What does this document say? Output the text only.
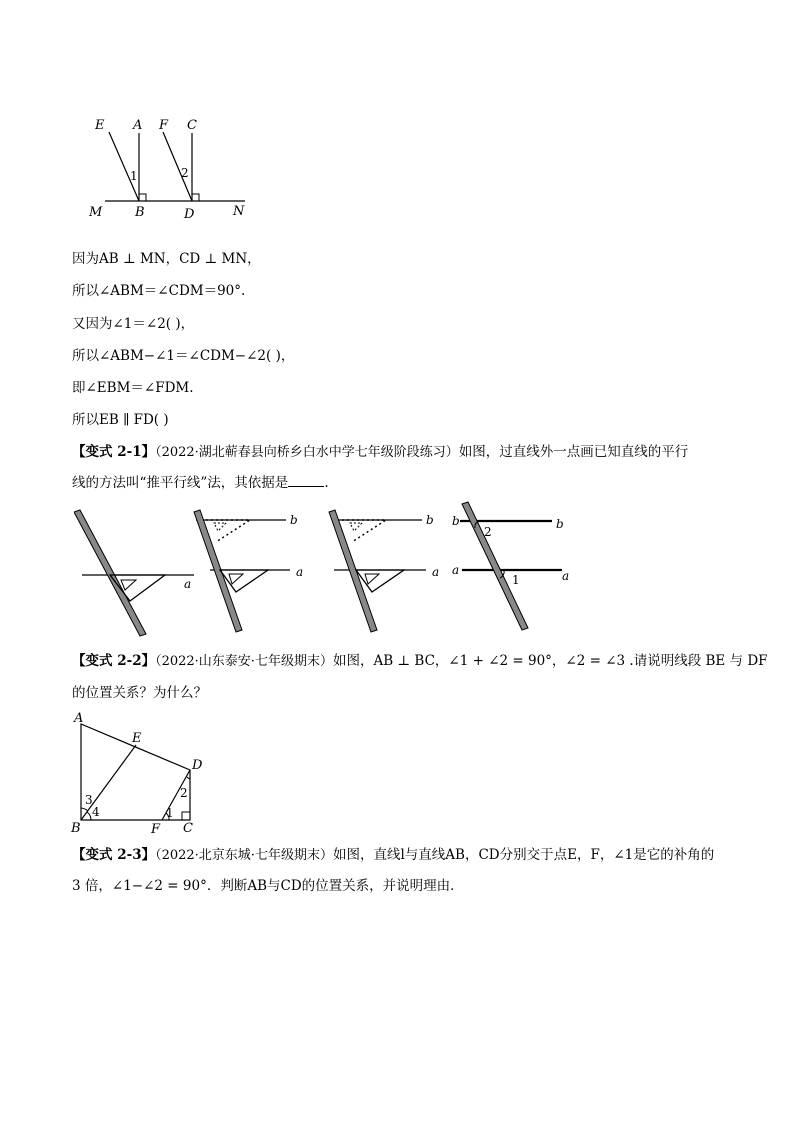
E A F C
1	2
M	B	D	N
因为AB ⊥ MN，CD ⊥ MN，
所以∠ABM＝∠CDM＝90°.
又因为∠1＝∠2( )，
所以∠ABM−∠1＝∠CDM−∠2( )，
即∠EBM＝∠FDM.
所以EB ∥ FD( )
【变式 2-1】（2022·湖北蕲春县向桥乡白水中学七年级阶段练习）如图，过直线外一点画已知直线的平行
线的方法叫“推平行线”法，其依据是	.
a
b
a
b
a
b	b
2
a	a
1
【变式 2-2】（2022·山东泰安·七年级期末）如图，AB ⊥ BC，∠1 + ∠2 = 90°，∠2 = ∠3 .请说明线段 BE 与 DF
的位置关系？为什么？
A
E
D
2
3
4	1
B	F C
【变式 2-3】（2022·北京东城·七年级期末）如图，直线l与直线AB，CD分别交于点E，F，∠1是它的补角的
3 倍，∠1−∠2 = 90°．判断AB与CD的位置关系，并说明理由．
